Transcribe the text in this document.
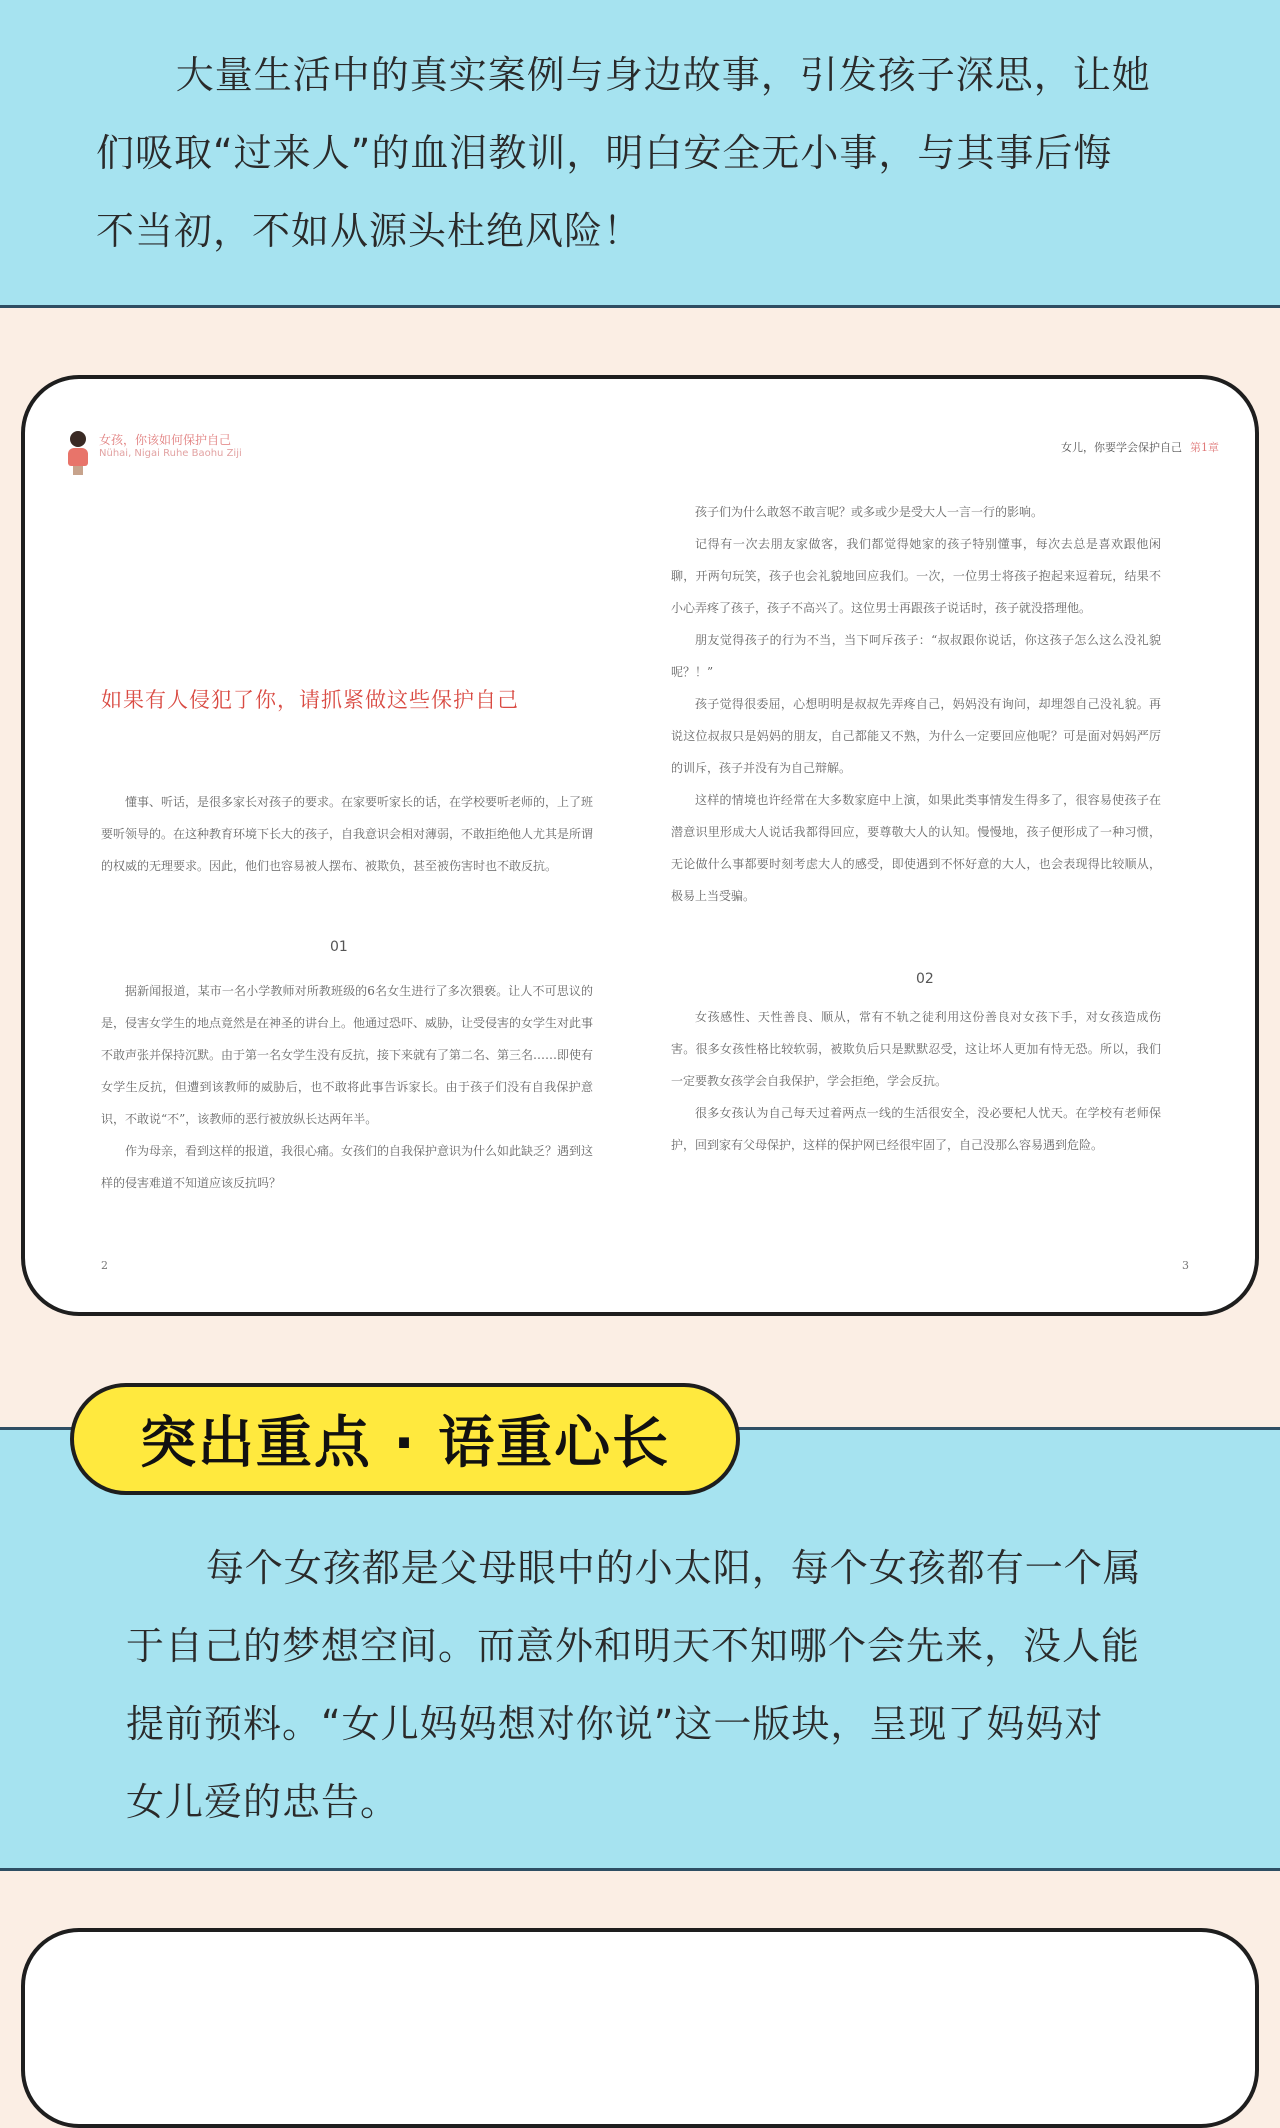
大量生活中的真实案例与身边故事，引发孩子深思，让她

们吸取“过来人”的血泪教训，明白安全无小事，与其事后悔

不当初，不如从源头杜绝风险！

女孩，你该如何保护自己
Nühai, Nigai Ruhe Baohu Ziji
如果有人侵犯了你，请抓紧做这些保护自己

懂事、听话，是很多家长对孩子的要求。在家要听家长的话，在学校要听老师的，上了班要听领导的。在这种教育环境下长大的孩子，自我意识会相对薄弱，不敢拒绝他人尤其是所谓的权威的无理要求。因此，他们也容易被人摆布、被欺负，甚至被伤害时也不敢反抗。

01

据新闻报道，某市一名小学教师对所教班级的6名女生进行了多次猥亵。让人不可思议的是，侵害女学生的地点竟然是在神圣的讲台上。他通过恐吓、威胁，让受侵害的女学生对此事不敢声张并保持沉默。由于第一名女学生没有反抗，接下来就有了第二名、第三名……即使有女学生反抗，但遭到该教师的威胁后，也不敢将此事告诉家长。由于孩子们没有自我保护意识，不敢说“不”，该教师的恶行被放纵长达两年半。

作为母亲，看到这样的报道，我很心痛。女孩们的自我保护意识为什么如此缺乏？遇到这样的侵害难道不知道应该反抗吗？

2
女儿，你要学会保护自己 第1章

孩子们为什么敢怒不敢言呢？或多或少是受大人一言一行的影响。

记得有一次去朋友家做客，我们都觉得她家的孩子特别懂事，每次去总是喜欢跟他闲聊，开两句玩笑，孩子也会礼貌地回应我们。一次，一位男士将孩子抱起来逗着玩，结果不小心弄疼了孩子，孩子不高兴了。这位男士再跟孩子说话时，孩子就没搭理他。

朋友觉得孩子的行为不当，当下呵斥孩子：“叔叔跟你说话，你这孩子怎么这么没礼貌呢？！”

孩子觉得很委屈，心想明明是叔叔先弄疼自己，妈妈没有询问，却埋怨自己没礼貌。再说这位叔叔只是妈妈的朋友，自己都能又不熟，为什么一定要回应他呢？可是面对妈妈严厉的训斥，孩子并没有为自己辩解。

这样的情境也许经常在大多数家庭中上演，如果此类事情发生得多了，很容易使孩子在潜意识里形成大人说话我都得回应，要尊敬大人的认知。慢慢地，孩子便形成了一种习惯，无论做什么事都要时刻考虑大人的感受，即使遇到不怀好意的大人，也会表现得比较顺从，极易上当受骗。

02

女孩感性、天性善良、顺从，常有不轨之徒利用这份善良对女孩下手，对女孩造成伤害。很多女孩性格比较软弱，被欺负后只是默默忍受，这让坏人更加有恃无恐。所以，我们一定要教女孩学会自我保护，学会拒绝，学会反抗。

很多女孩认为自己每天过着两点一线的生活很安全，没必要杞人忧天。在学校有老师保护，回到家有父母保护，这样的保护网已经很牢固了，自己没那么容易遇到危险。

3

每个女孩都是父母眼中的小太阳，每个女孩都有一个属

于自己的梦想空间。而意外和明天不知哪个会先来，没人能

提前预料。“女儿妈妈想对你说”这一版块，呈现了妈妈对

女儿爱的忠告。

突出重点 · 语重心长
